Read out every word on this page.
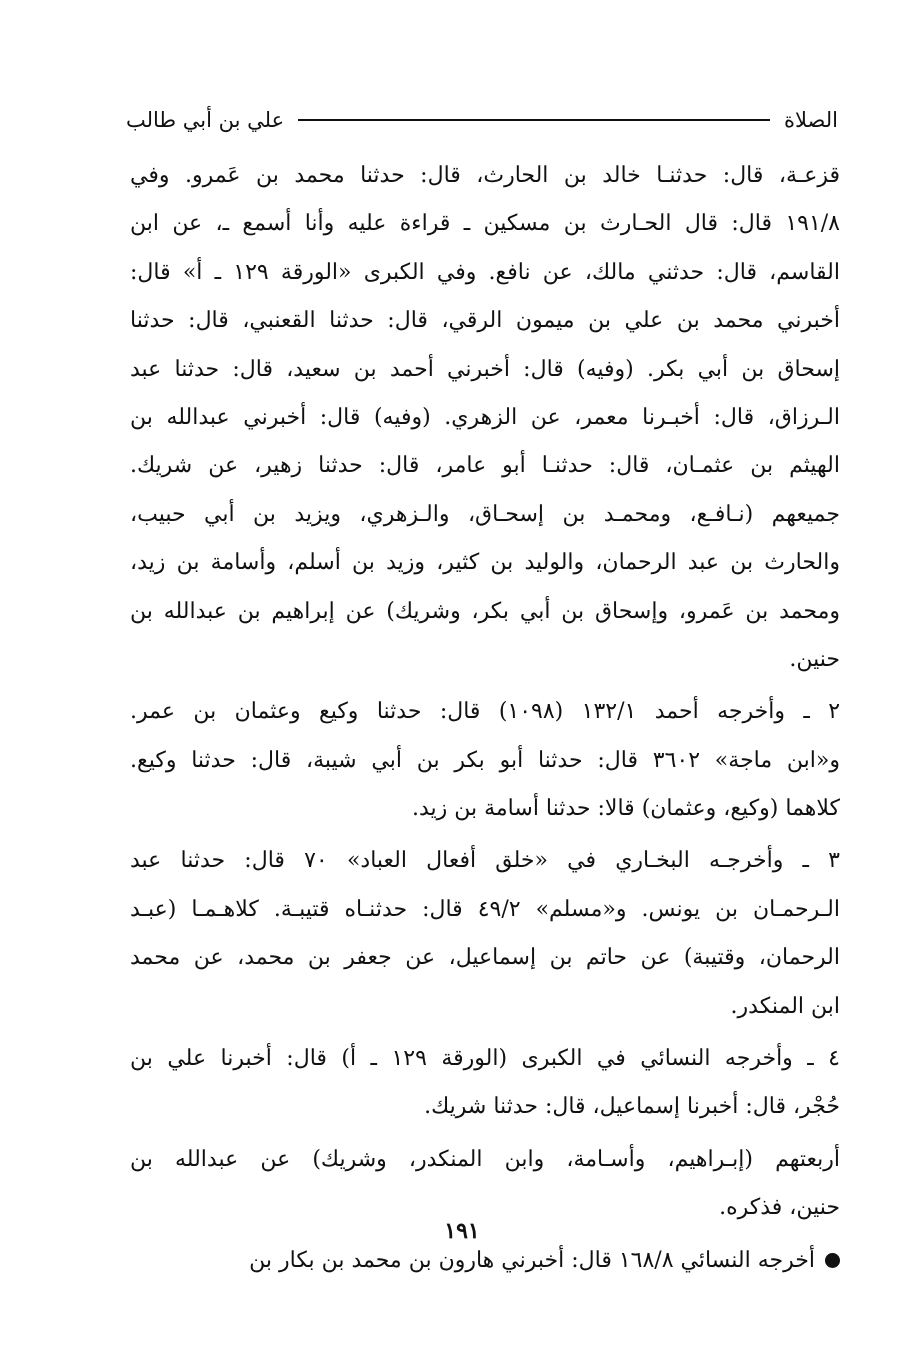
الصلاة
علي بن أبي طالب
قزعـة، قال: حدثنـا خالد بن الحارث، قال: حدثنا محمد بن عَمرو. وفي
١٩١/٨ قال: قال الحـارث بن مسكين ـ قراءة عليه وأنا أسمع ـ، عن ابن
القاسم، قال: حدثني مالك، عن نافع. وفي الكبرى «الورقة ١٢٩ ـ أ» قال:
أخبرني محمد بن علي بن ميمون الرقي، قال: حدثنا القعنبي، قال: حدثنا
إسحاق بن أبي بكر. (وفيه) قال: أخبرني أحمد بن سعيد، قال: حدثنا عبد
الـرزاق، قال: أخبـرنا معمر، عن الزهري. (وفيه) قال: أخبرني عبدالله بن
الهيثم بن عثمـان، قال: حدثنـا أبو عامر، قال: حدثنا زهير، عن شريك.
جميعهم (نـافـع، ومحمـد بن إسحـاق، والـزهري، ويزيد بن أبي حبيب،
والحارث بن عبد الرحمان، والوليد بن كثير، وزيد بن أسلم، وأسامة بن زيد،
ومحمد بن عَمرو، وإسحاق بن أبي بكر، وشريك) عن إبراهيم بن عبدالله بن
حنين.
٢ ـ وأخرجه أحمد ١٣٢/١ (١٠٩٨) قال: حدثنا وكيع وعثمان بن عمر.
و«ابن ماجة» ٣٦٠٢ قال: حدثنا أبو بكر بن أبي شيبة، قال: حدثنا وكيع.
كلاهما (وكيع، وعثمان) قالا: حدثنا أسامة بن زيد.
٣ ـ وأخرجـه البخـاري في «خلق أفعال العباد» ٧٠ قال: حدثنا عبد
الـرحمـان بن يونس. و«مسلم» ٤٩/٢ قال: حدثنـاه قتيبـة. كلاهـمـا (عبـد
الرحمان، وقتيبة) عن حاتم بن إسماعيل، عن جعفر بن محمد، عن محمد
ابن المنكدر.
٤ ـ وأخرجه النسائي في الكبرى (الورقة ١٢٩ ـ أ) قال: أخبرنا علي بن
حُجْر، قال: أخبرنا إسماعيل، قال: حدثنا شريك.
أربعتهم (إبـراهيم، وأسـامة، وابن المنكدر، وشريك) عن عبدالله بن
حنين، فذكره.
أخرجه النسائي ١٦٨/٨ قال: أخبرني هارون بن محمد بن بكار بن
١٩١
